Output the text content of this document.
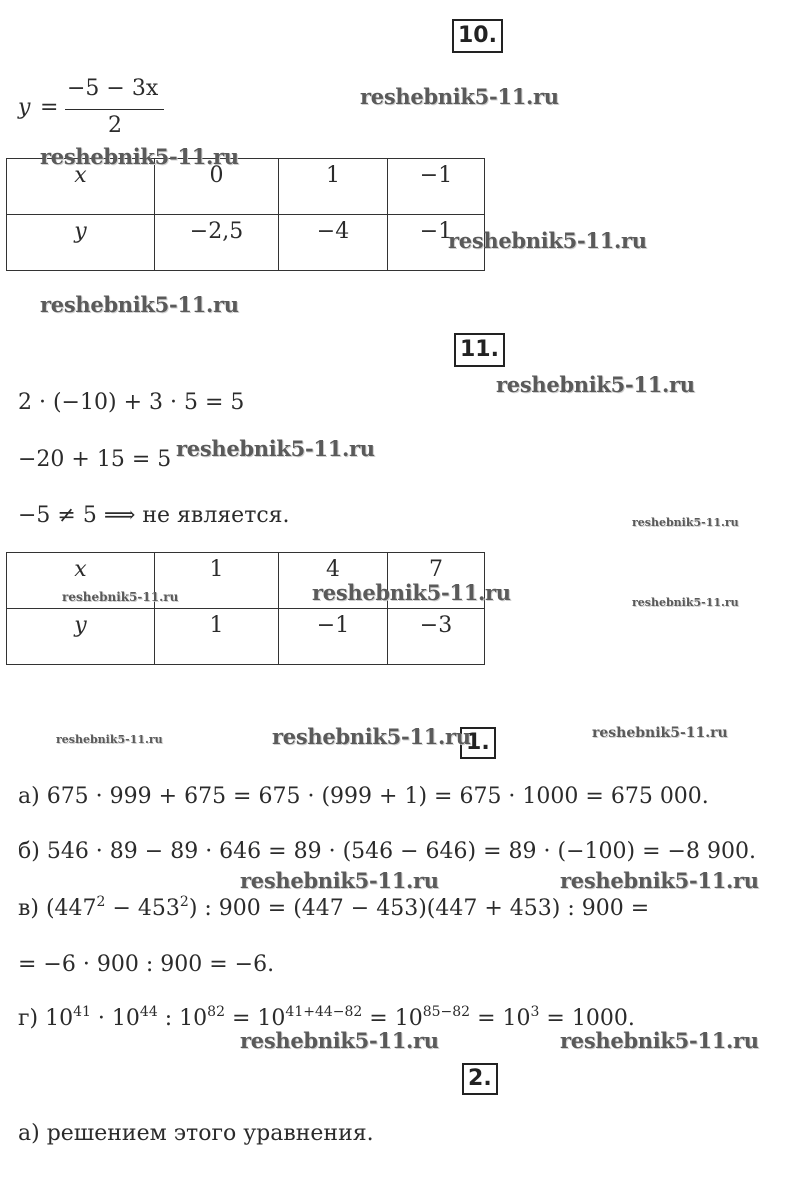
10.
y =
−5 − 3x
2
x	0	1	−1
y	−2,5	−4	−1
11.
2 · (−10) + 3 · 5 = 5
−20 + 15 = 5
−5 ≠ 5 ⟹ не является.
x	1	4	7
y	1	−1	−3
1.
а) 675 · 999 + 675 = 675 · (999 + 1) = 675 · 1000 = 675 000.
б) 546 · 89 − 89 · 646 = 89 · (546 − 646) = 89 · (−100) = −8 900.
в) $(447^2 - 453^2)$ : 900 = (447 − 453)(447 + 453) : 900 =
= −6 · 900 : 900 = −6.
г) $10^{41} \cdot 10^{44}$ : $10^{82} = 10^{41+44-82} = 10^{85-82} = 10^3 = 1000$.
2.
а) решением этого уравнения.
reshebnik5-11.ru
reshebnik5-11.ru
reshebnik5-11.ru
reshebnik5-11.ru
reshebnik5-11.ru
reshebnik5-11.ru
reshebnik5-11.ru
reshebnik5-11.ru	reshebnik5-11.ru	reshebnik5-11.ru
reshebnik5-11.ru	reshebnik5-11.ru	reshebnik5-11.ru
reshebnik5-11.ru	reshebnik5-11.ru
reshebnik5-11.ru	reshebnik5-11.ru
